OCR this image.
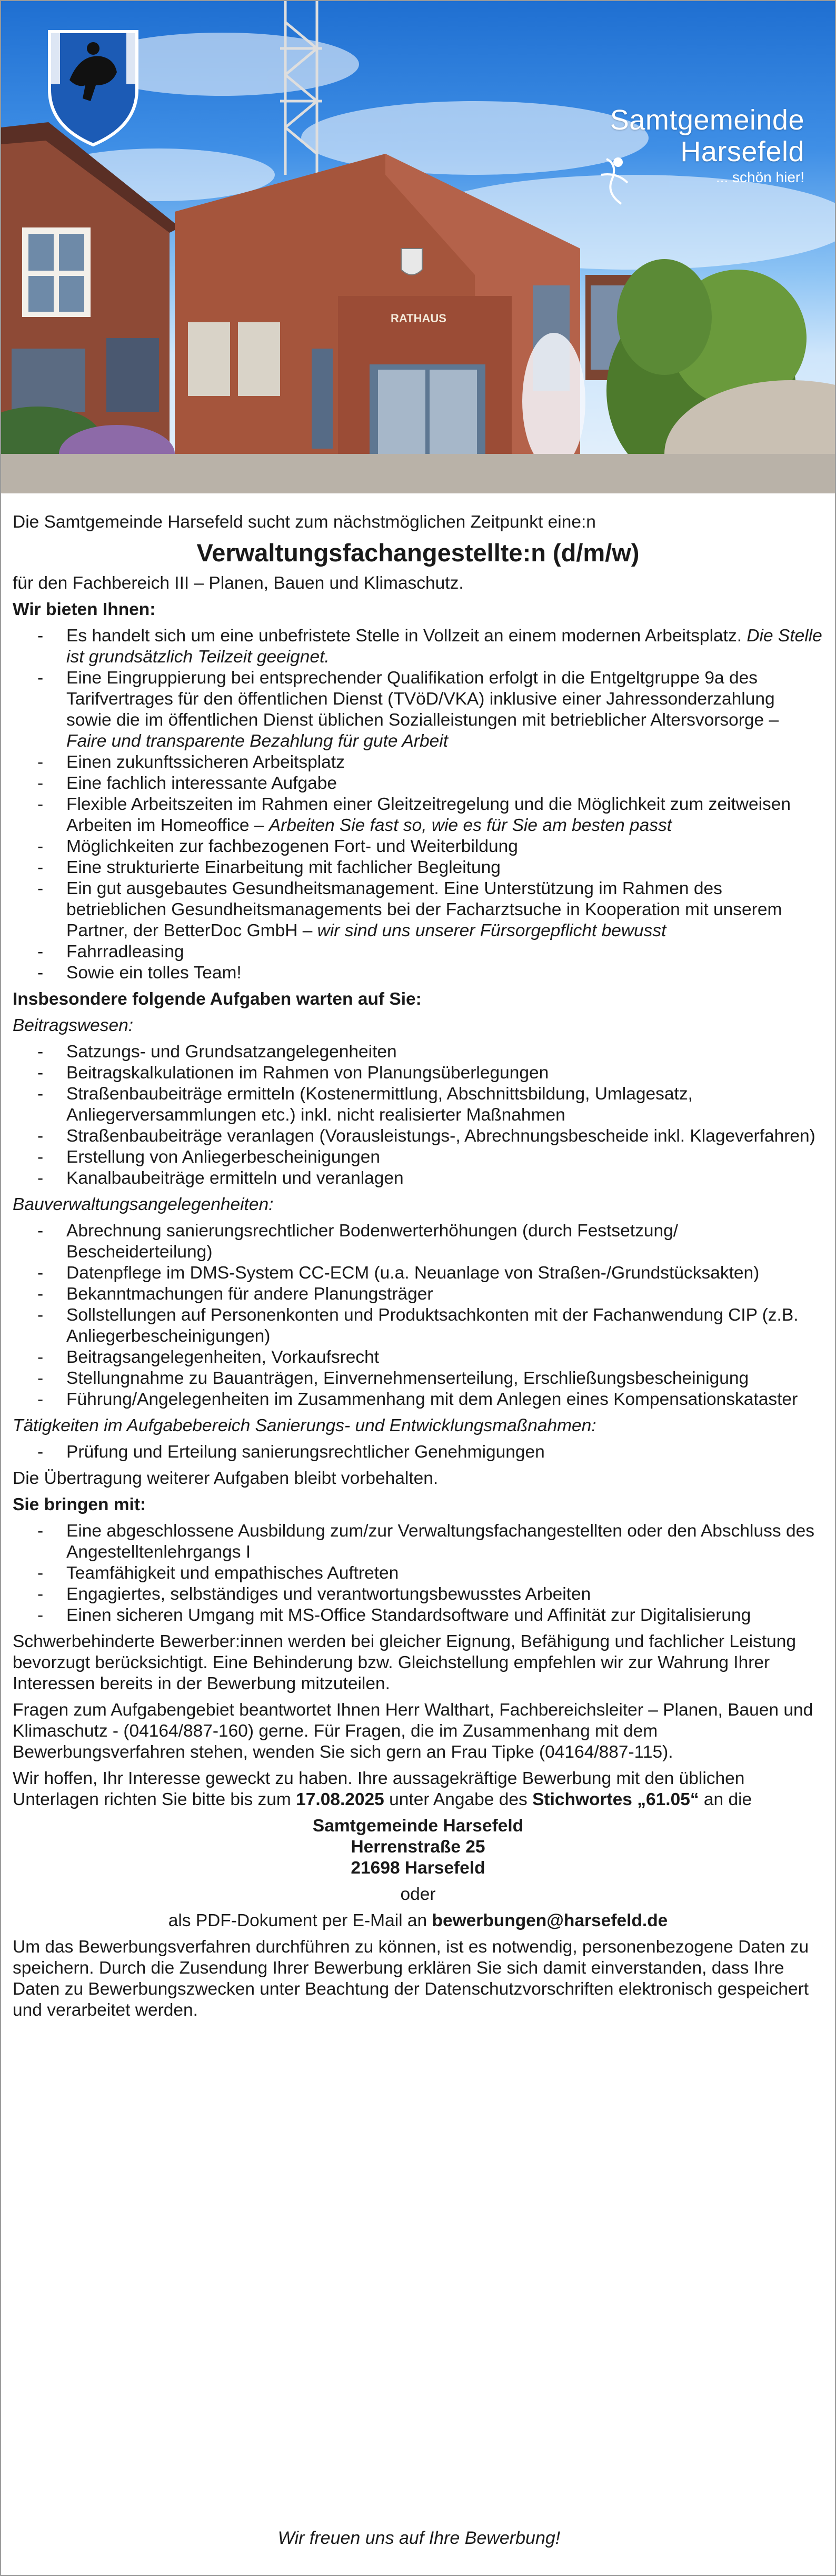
RATHAUS
Samtgemeinde
Harsefeld
... schön hier!

Die Samtgemeinde Harsefeld sucht zum nächstmöglichen Zeitpunkt eine:n

Verwaltungsfachangestellte:n (d/m/w)

für den Fachbereich III – Planen, Bauen und Klimaschutz.

Wir bieten Ihnen:

- Es handelt sich um eine unbefristete Stelle in Vollzeit an einem modernen Arbeitsplatz. Die Stelle ist grundsätzlich Teilzeit geeignet.
- Eine Eingruppierung bei entsprechender Qualifikation erfolgt in die Entgeltgruppe 9a des Tarifvertrages für den öffentlichen Dienst (TVöD/VKA) inklusive einer Jahressonderzahlung sowie die im öffentlichen Dienst üblichen Sozialleistungen mit betrieblicher Altersvorsorge – Faire und transparente Bezahlung für gute Arbeit
- Einen zukunftssicheren Arbeitsplatz
- Eine fachlich interessante Aufgabe
- Flexible Arbeitszeiten im Rahmen einer Gleitzeitregelung und die Möglichkeit zum zeitweisen Arbeiten im Homeoffice – Arbeiten Sie fast so, wie es für Sie am besten passt
- Möglichkeiten zur fachbezogenen Fort- und Weiterbildung
- Eine strukturierte Einarbeitung mit fachlicher Begleitung
- Ein gut ausgebautes Gesundheitsmanagement. Eine Unterstützung im Rahmen des betrieblichen Gesundheitsmanagements bei der Facharztsuche in Kooperation mit unserem Partner, der BetterDoc GmbH – wir sind uns unserer Fürsorgepflicht bewusst
- Fahrradleasing
- Sowie ein tolles Team!

Insbesondere folgende Aufgaben warten auf Sie:

Beitragswesen:

- Satzungs- und Grundsatzangelegenheiten
- Beitragskalkulationen im Rahmen von Planungsüberlegungen
- Straßenbaubeiträge ermitteln (Kostenermittlung, Abschnittsbildung, Umlagesatz, Anliegerversammlungen etc.) inkl. nicht realisierter Maßnahmen
- Straßenbaubeiträge veranlagen (Vorausleistungs-, Abrechnungsbescheide inkl. Klageverfahren)
- Erstellung von Anliegerbescheinigungen
- Kanalbaubeiträge ermitteln und veranlagen

Bauverwaltungsangelegenheiten:

- Abrechnung sanierungsrechtlicher Bodenwerterhöhungen (durch Festsetzung/ Bescheiderteilung)
- Datenpflege im DMS-System CC-ECM (u.a. Neuanlage von Straßen-/Grundstücksakten)
- Bekanntmachungen für andere Planungsträger
- Sollstellungen auf Personenkonten und Produktsachkonten mit der Fachanwendung CIP (z.B. Anliegerbescheinigungen)
- Beitragsangelegenheiten, Vorkaufsrecht
- Stellungnahme zu Bauanträgen, Einvernehmenserteilung, Erschließungsbescheinigung
- Führung/Angelegenheiten im Zusammenhang mit dem Anlegen eines Kompensationskataster

Tätigkeiten im Aufgabebereich Sanierungs- und Entwicklungsmaßnahmen:

- Prüfung und Erteilung sanierungsrechtlicher Genehmigungen

Die Übertragung weiterer Aufgaben bleibt vorbehalten.

Sie bringen mit:

- Eine abgeschlossene Ausbildung zum/zur Verwaltungsfachangestellten oder den Abschluss des Angestelltenlehrgangs I
- Teamfähigkeit und empathisches Auftreten
- Engagiertes, selbständiges und verantwortungsbewusstes Arbeiten
- Einen sicheren Umgang mit MS-Office Standardsoftware und Affinität zur Digitalisierung

Schwerbehinderte Bewerber:innen werden bei gleicher Eignung, Befähigung und fachlicher Leistung bevorzugt berücksichtigt. Eine Behinderung bzw. Gleichstellung empfehlen wir zur Wahrung Ihrer Interessen bereits in der Bewerbung mitzuteilen.

Fragen zum Aufgabengebiet beantwortet Ihnen Herr Walthart, Fachbereichsleiter – Planen, Bauen und Klimaschutz - (04164/887-160) gerne. Für Fragen, die im Zusammenhang mit dem Bewerbungsverfahren stehen, wenden Sie sich gern an Frau Tipke (04164/887-115).

Wir hoffen, Ihr Interesse geweckt zu haben. Ihre aussagekräftige Bewerbung mit den üblichen Unterlagen richten Sie bitte bis zum 17.08.2025 unter Angabe des Stichwortes „61.05“ an die

Samtgemeinde Harsefeld
Herrenstraße 25
21698 Harsefeld

oder

als PDF-Dokument per E-Mail an bewerbungen@harsefeld.de

Um das Bewerbungsverfahren durchführen zu können, ist es notwendig, personenbezogene Daten zu speichern. Durch die Zusendung Ihrer Bewerbung erklären Sie sich damit einverstanden, dass Ihre Daten zu Bewerbungszwecken unter Beachtung der Datenschutzvorschriften elektronisch gespeichert und verarbeitet werden.

Wir freuen uns auf Ihre Bewerbung!
